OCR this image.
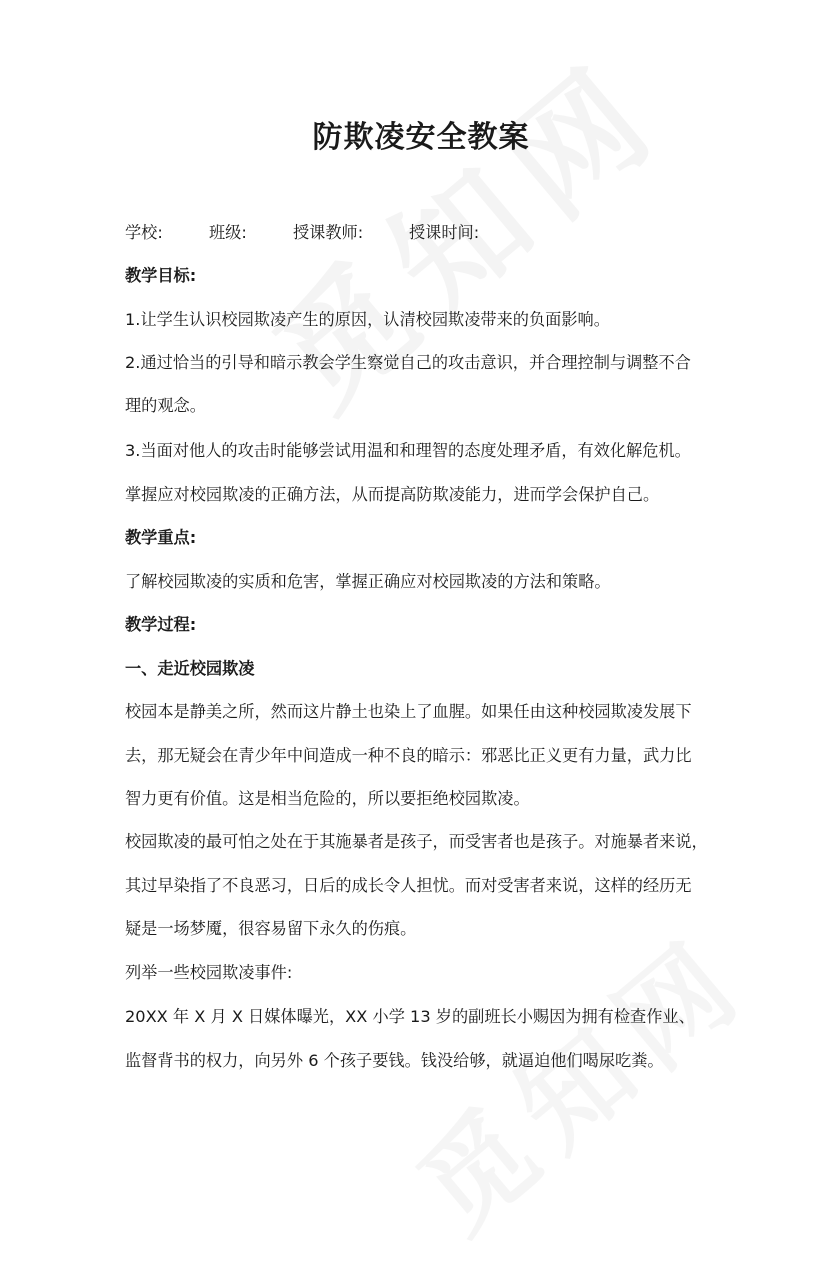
防欺凌安全教案
学校:	班级:	授课教师:	授课时间:

教学目标:

1.让学生认识校园欺凌产生的原因，认清校园欺凌带来的负面影响。

2.通过恰当的引导和暗示教会学生察觉自己的攻击意识，并合理控制与调整不合

理的观念。

3.当面对他人的攻击时能够尝试用温和和理智的态度处理矛盾，有效化解危机。

掌握应对校园欺凌的正确方法，从而提高防欺凌能力，进而学会保护自己。

教学重点:

了解校园欺凌的实质和危害，掌握正确应对校园欺凌的方法和策略。

教学过程:

一、走近校园欺凌

校园本是静美之所，然而这片静土也染上了血腥。如果任由这种校园欺凌发展下

去，那无疑会在青少年中间造成一种不良的暗示：邪恶比正义更有力量，武力比

智力更有价值。这是相当危险的，所以要拒绝校园欺凌。

校园欺凌的最可怕之处在于其施暴者是孩子，而受害者也是孩子。对施暴者来说，

其过早染指了不良恶习，日后的成长令人担忧。而对受害者来说，这样的经历无

疑是一场梦魇，很容易留下永久的伤痕。

列举一些校园欺凌事件:

20XX 年 X 月 X 日媒体曝光，XX 小学 13 岁的副班长小赐因为拥有检查作业、

监督背书的权力，向另外 6 个孩子要钱。钱没给够，就逼迫他们喝尿吃粪。
